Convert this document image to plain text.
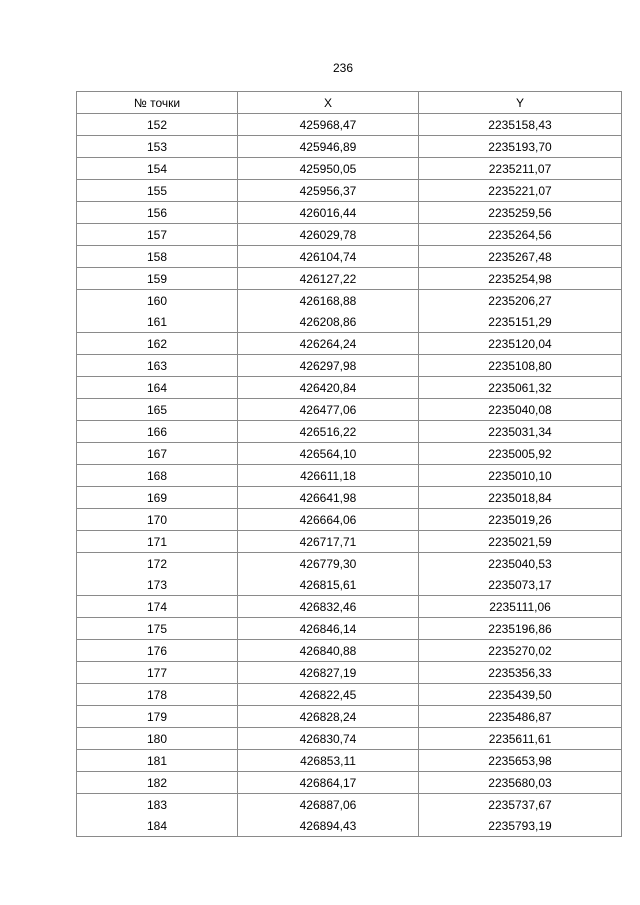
236
№ точки	X	Y
152	425968,47	2235158,43
153	425946,89	2235193,70
154	425950,05	2235211,07
155	425956,37	2235221,07
156	426016,44	2235259,56
157	426029,78	2235264,56
158	426104,74	2235267,48
159	426127,22	2235254,98
160	426168,88	2235206,27
161	426208,86	2235151,29
162	426264,24	2235120,04
163	426297,98	2235108,80
164	426420,84	2235061,32
165	426477,06	2235040,08
166	426516,22	2235031,34
167	426564,10	2235005,92
168	426611,18	2235010,10
169	426641,98	2235018,84
170	426664,06	2235019,26
171	426717,71	2235021,59
172	426779,30	2235040,53
173	426815,61	2235073,17
174	426832,46	2235111,06
175	426846,14	2235196,86
176	426840,88	2235270,02
177	426827,19	2235356,33
178	426822,45	2235439,50
179	426828,24	2235486,87
180	426830,74	2235611,61
181	426853,11	2235653,98
182	426864,17	2235680,03
183	426887,06	2235737,67
184	426894,43	2235793,19
